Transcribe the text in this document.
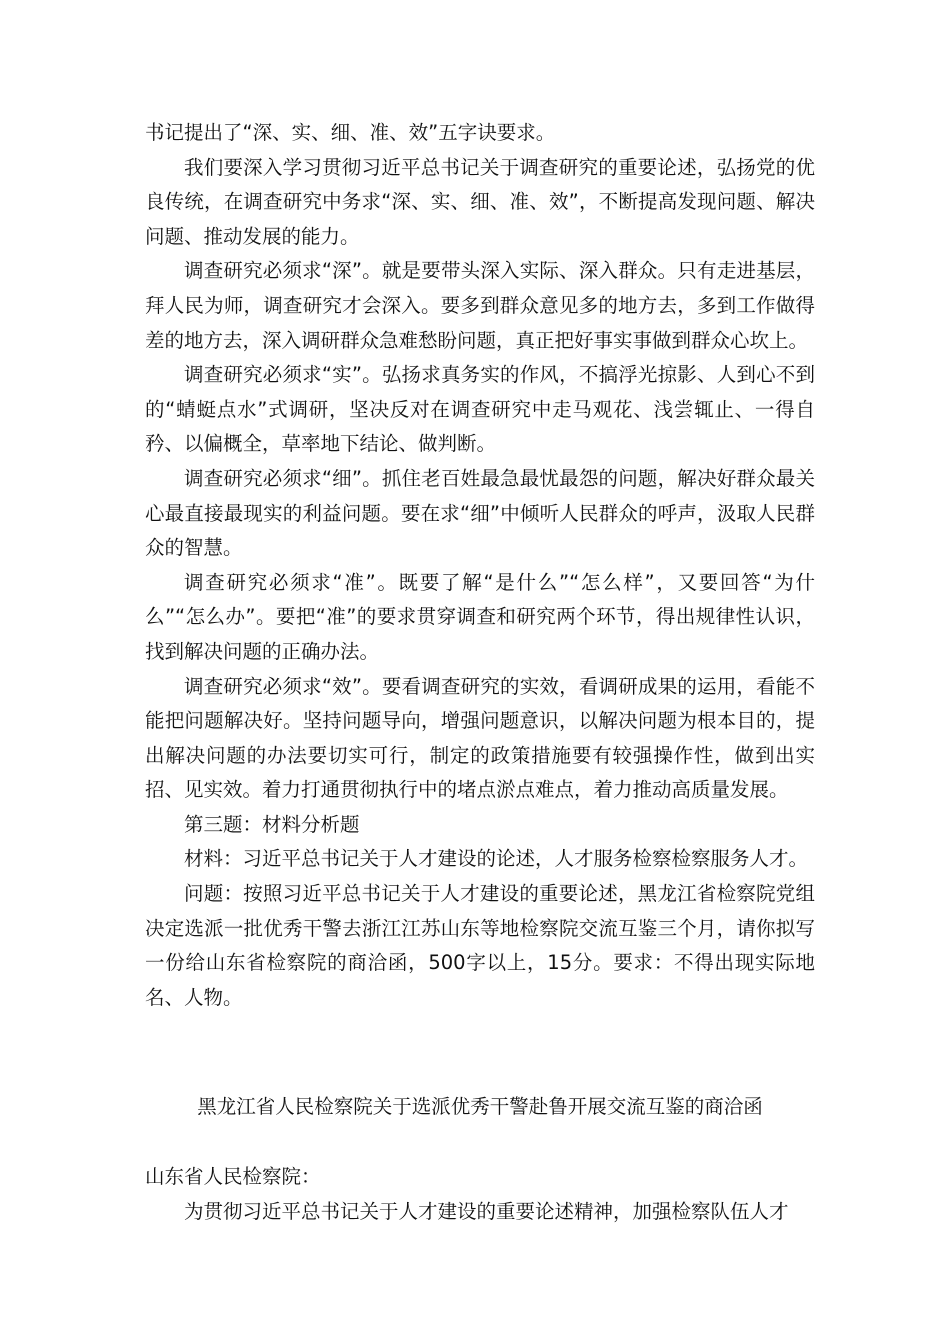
书记提出了“深、实、细、准、效”五字诀要求。

我们要深入学习贯彻习近平总书记关于调查研究的重要论述，弘扬党的优良传统，在调查研究中务求“深、实、细、准、效”，不断提高发现问题、解决问题、推动发展的能力。

调查研究必须求“深”。就是要带头深入实际、深入群众。只有走进基层，拜人民为师，调查研究才会深入。要多到群众意见多的地方去，多到工作做得差的地方去，深入调研群众急难愁盼问题，真正把好事实事做到群众心坎上。

调查研究必须求“实”。弘扬求真务实的作风，不搞浮光掠影、人到心不到的“蜻蜓点水”式调研，坚决反对在调查研究中走马观花、浅尝辄止、一得自矜、以偏概全，草率地下结论、做判断。

调查研究必须求“细”。抓住老百姓最急最忧最怨的问题，解决好群众最关心最直接最现实的利益问题。要在求“细”中倾听人民群众的呼声，汲取人民群众的智慧。

调查研究必须求“准”。既要了解“是什么”“怎么样”，又要回答“为什么”“怎么办”。要把“准”的要求贯穿调查和研究两个环节，得出规律性认识，找到解决问题的正确办法。

调查研究必须求“效”。要看调查研究的实效，看调研成果的运用，看能不能把问题解决好。坚持问题导向，增强问题意识，以解决问题为根本目的，提出解决问题的办法要切实可行，制定的政策措施要有较强操作性，做到出实招、见实效。着力打通贯彻执行中的堵点淤点难点，着力推动高质量发展。

第三题：材料分析题

材料：习近平总书记关于人才建设的论述，人才服务检察检察服务人才。

问题：按照习近平总书记关于人才建设的重要论述，黑龙江省检察院党组决定选派一批优秀干警去浙江江苏山东等地检察院交流互鉴三个月，请你拟写一份给山东省检察院的商洽函，500字以上，15分。要求：不得出现实际地名、人物。

黑龙江省人民检察院关于选派优秀干警赴鲁开展交流互鉴的商洽函

山东省人民检察院：

为贯彻习近平总书记关于人才建设的重要论述精神，加强检察队伍人才
